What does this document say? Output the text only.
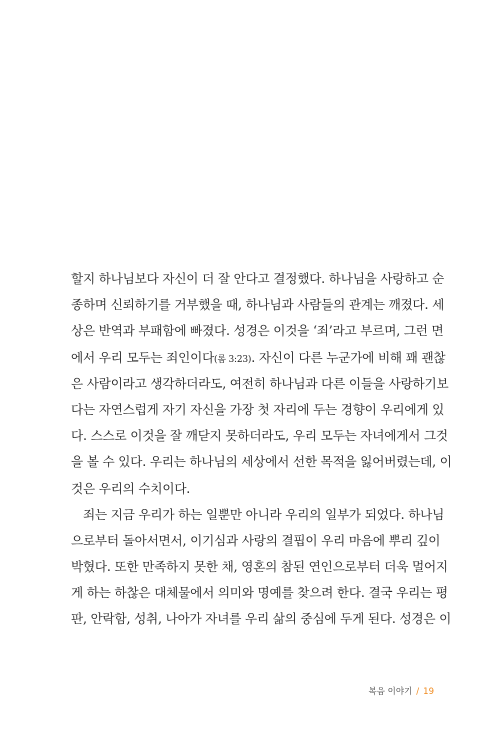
할지 하나님보다 자신이 더 잘 안다고 결정했다. 하나님을 사랑하고 순
종하며 신뢰하기를 거부했을 때, 하나님과 사람들의 관계는 깨졌다. 세
상은 반역과 부패함에 빠졌다. 성경은 이것을 ‘죄’라고 부르며, 그런 면
에서 우리 모두는 죄인이다(롬 3:23). 자신이 다른 누군가에 비해 꽤 괜찮
은 사람이라고 생각하더라도, 여전히 하나님과 다른 이들을 사랑하기보
다는 자연스럽게 자기 자신을 가장 첫 자리에 두는 경향이 우리에게 있
다. 스스로 이것을 잘 깨닫지 못하더라도, 우리 모두는 자녀에게서 그것
을 볼 수 있다. 우리는 하나님의 세상에서 선한 목적을 잃어버렸는데, 이
것은 우리의 수치이다.
죄는 지금 우리가 하는 일뿐만 아니라 우리의 일부가 되었다. 하나님
으로부터 돌아서면서, 이기심과 사랑의 결핍이 우리 마음에 뿌리 깊이
박혔다. 또한 만족하지 못한 채, 영혼의 참된 연인으로부터 더욱 멀어지
게 하는 하찮은 대체물에서 의미와 명예를 찾으려 한다. 결국 우리는 평
판, 안락함, 성취, 나아가 자녀를 우리 삶의 중심에 두게 된다. 성경은 이
복음 이야기 / 19
